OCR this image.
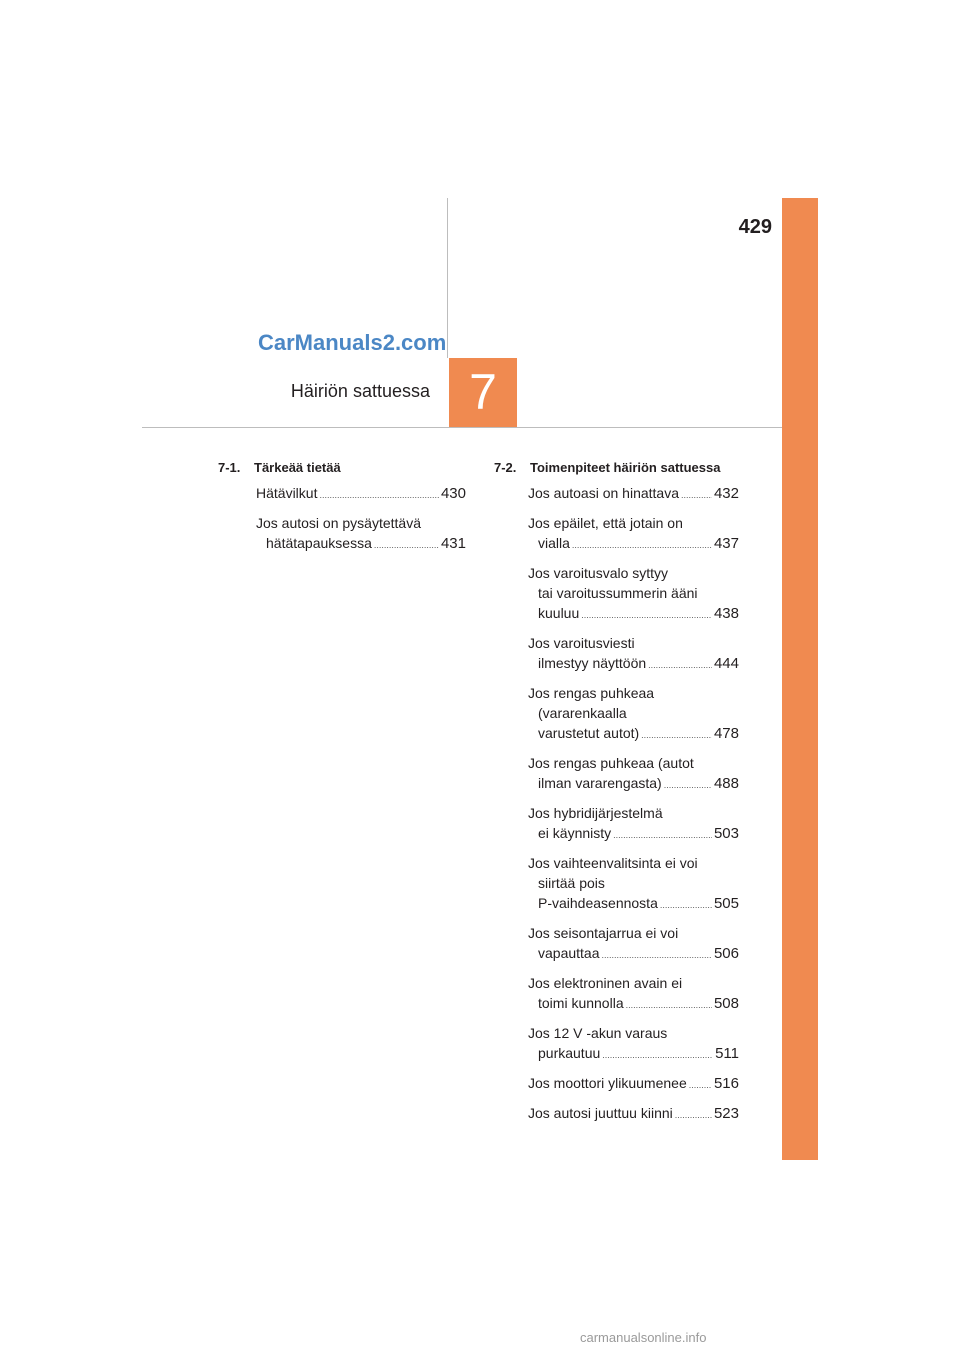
429
CarManuals2.com
Häiriön sattuessa 7
7-1.	Tärkeää tietää
Hätävilkut .....	430
Jos autosi on pysäytettävä
hätätapauksessa .....	431
7-2.	Toimenpiteet häiriön sattuessa
Jos autoasi on hinattava ..... 432
Jos epäilet, että jotain on
vialla .....	437
Jos varoitusvalo syttyy
tai varoitussummerin ääni
kuuluu .....	438
Jos varoitusviesti
ilmestyy näyttöön .....	444
Jos rengas puhkeaa
(vararenkaalla
varustetut autot) .....	478
Jos rengas puhkeaa (autot
ilman vararengasta) .....	488
Jos hybridijärjestelmä
ei käynnisty .....	503
Jos vaihteenvalitsinta ei voi
siirtää pois
P-vaihdeasennosta .....	505
Jos seisontajarrua ei voi
vapauttaa .....	506
Jos elektroninen avain ei
toimi kunnolla .....	508
Jos 12 V -akun varaus
purkautuu .....	511
Jos moottori ylikuumenee ..... 516
Jos autosi juuttuu kiinni .....	523
carmanualsonline.info
